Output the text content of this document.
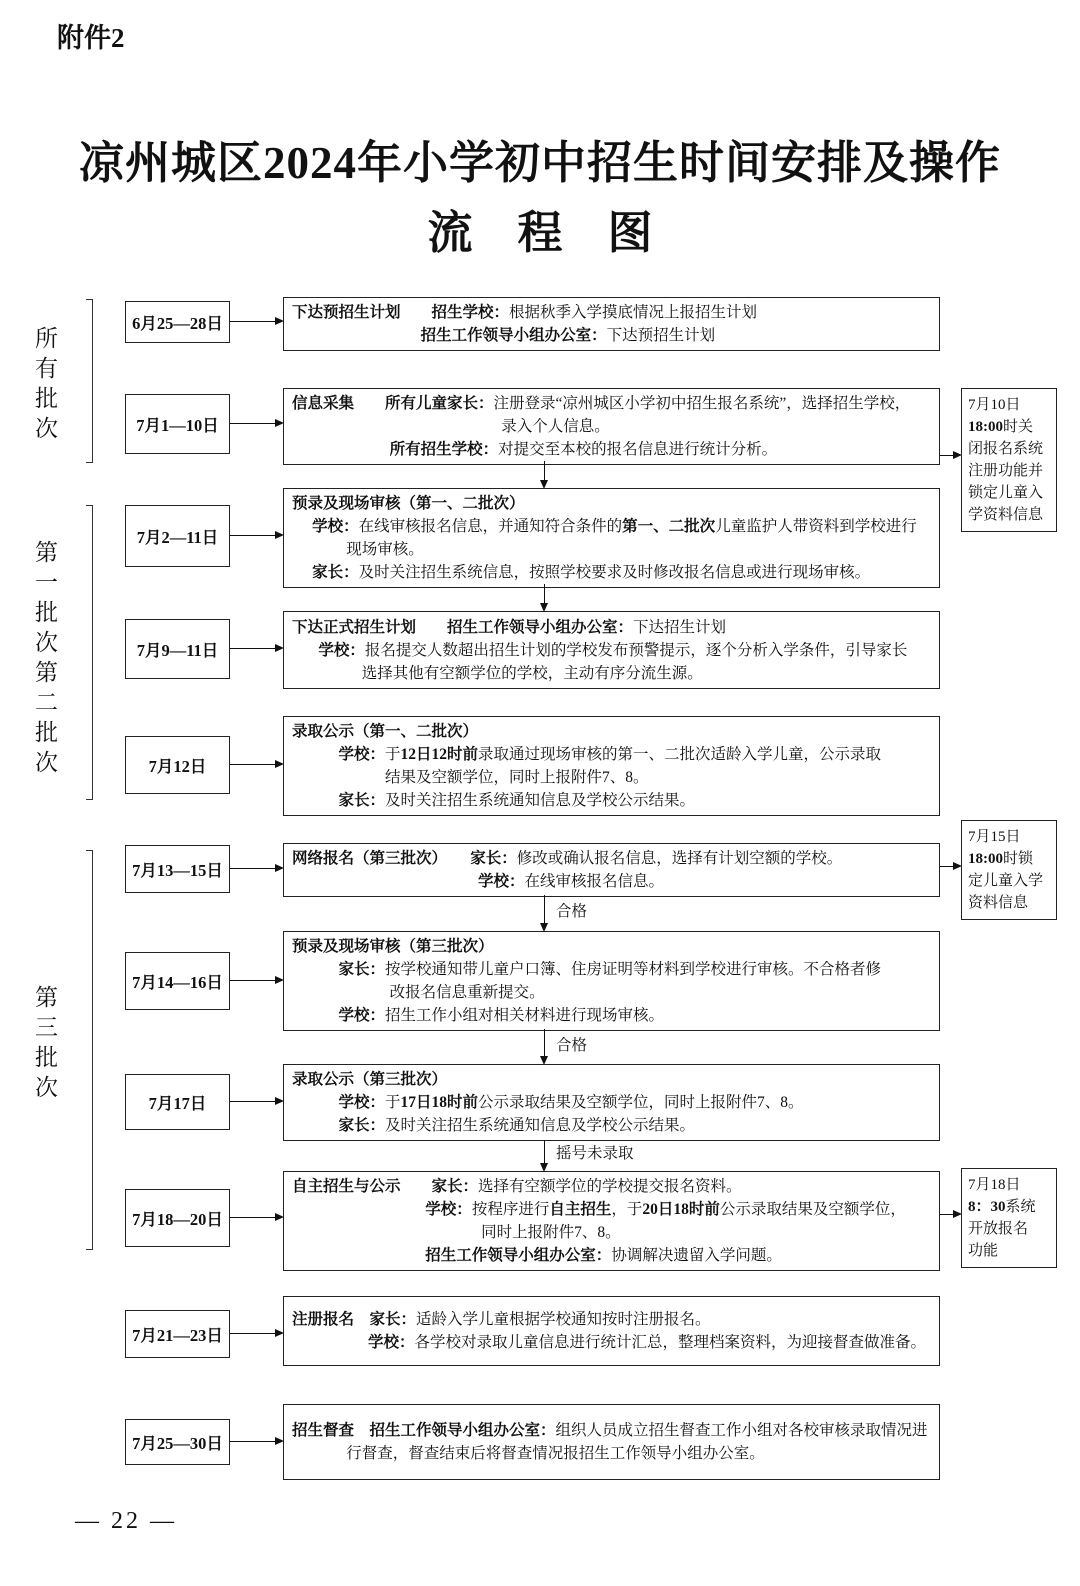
附件2
凉州城区2024年小学初中招生时间安排及操作
流　程　图
所有批次
第一批次
第二批次
第三批次
6月25—28日
下达预招生计划　　 招生学校：根据秋季入学摸底情况上报招生计划
招生工作领导小组办公室：下达预招生计划
7月1—10日
信息采集　　 所有儿童家长：注册登录“凉州城区小学初中招生报名系统”，选择招生学校，
录入个人信息。
所有招生学校：对提交至本校的报名信息进行统计分析。
7月2—11日
预录及现场审核（第一、二批次）
学校：在线审核报名信息，并通知符合条件的第一、二批次儿童监护人带资料到学校进行
现场审核。
家长：及时关注招生系统信息，按照学校要求及时修改报名信息或进行现场审核。
7月9—11日
下达正式招生计划　　 招生工作领导小组办公室：下达招生计划
学校：报名提交人数超出招生计划的学校发布预警提示，逐个分析入学条件，引导家长
选择其他有空额学位的学校，主动有序分流生源。
7月12日
录取公示（第一、二批次）
学校：于12日12时前录取通过现场审核的第一、二批次适龄入学儿童，公示录取
结果及空额学位，同时上报附件7、8。
家长：及时关注招生系统通知信息及学校公示结果。
7月13—15日
网络报名（第三批次）　　 家长：修改或确认报名信息，选择有计划空额的学校。
学校：在线审核报名信息。
7月14—16日
预录及现场审核（第三批次）
家长：按学校通知带儿童户口簿、住房证明等材料到学校进行审核。不合格者修
改报名信息重新提交。
学校：招生工作小组对相关材料进行现场审核。
7月17日
录取公示（第三批次）
学校：于17日18时前公示录取结果及空额学位，同时上报附件7、8。
家长：及时关注招生系统通知信息及学校公示结果。
7月18—20日
自主招生与公示　　 家长：选择有空额学位的学校提交报名资料。
学校：按程序进行自主招生，于20日18时前公示录取结果及空额学位，
同时上报附件7、8。
招生工作领导小组办公室：协调解决遗留入学问题。
7月21—23日
注册报名　 家长：适龄入学儿童根据学校通知按时注册报名。
学校：各学校对录取儿童信息进行统计汇总，整理档案资料，为迎接督查做准备。
7月25—30日
招生督查　 招生工作领导小组办公室：组织人员成立招生督查工作小组对各校审核录取情况进
行督查，督查结束后将督查情况报招生工作领导小组办公室。
合格
合格
摇号未录取
7月10日
18:00时关
闭报名系统
注册功能并
锁定儿童入
学资料信息
7月15日
18:00时锁
定儿童入学
资料信息
7月18日
8：30系统
开放报名
功能
— 22 —
